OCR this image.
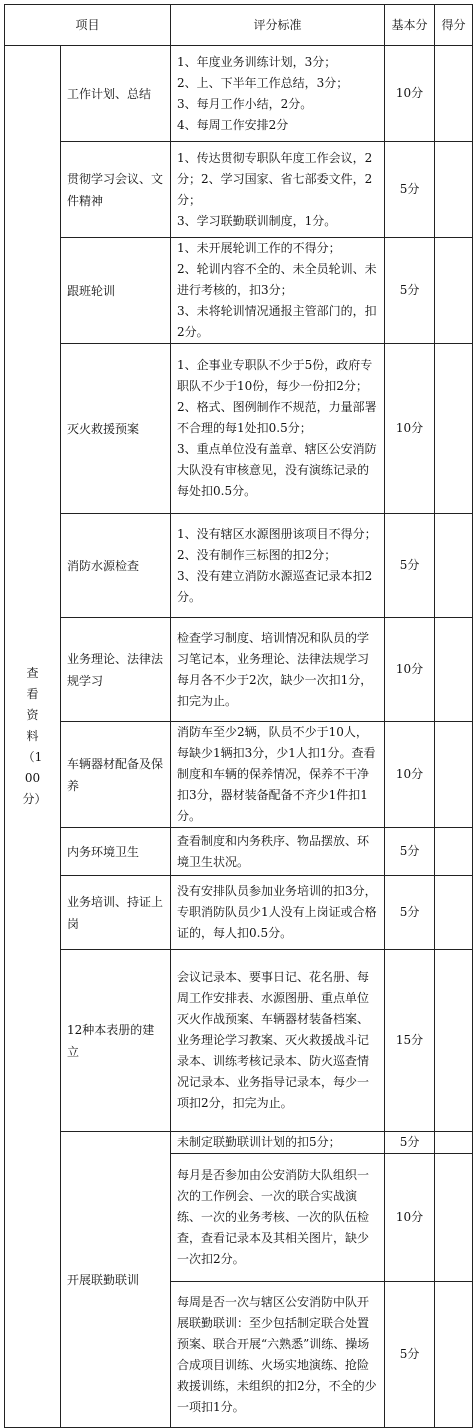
项目		评分标准	基本分	得分
查看资料（100分）	工作计划、总结	1、年度业务训练计划，3分；
2、上、下半年工作总结，3分；
3、每月工作小结，2分。
4、每周工作安排2分	10分	
	贯彻学习会议、文件精神	1、传达贯彻专职队年度工作会议，2分；2、学习国家、省七部委文件，2分；
3、学习联勤联训制度，1分。	5分	
	跟班轮训	1、未开展轮训工作的不得分；
2、轮训内容不全的、未全员轮训、未进行考核的，扣3分；
3、未将轮训情况通报主管部门的，扣2分。	5分	
	灭火救援预案	1、企事业专职队不少于5份，政府专职队不少于10份，每少一份扣2分；
2、格式、图例制作不规范，力量部署不合理的每1处扣0.5分；
3、重点单位没有盖章、辖区公安消防大队没有审核意见，没有演练记录的每处扣0.5分。	10分	
	消防水源检查	1、没有辖区水源图册该项目不得分；
2、没有制作三标图的扣2分；
3、没有建立消防水源巡查记录本扣2分。	5分	
	业务理论、法律法规学习	检查学习制度、培训情况和队员的学习笔记本，业务理论、法律法规学习每月各不少于2次，缺少一次扣1分，扣完为止。	10分	
	车辆器材配备及保养	消防车至少2辆，队员不少于10人，每缺少1辆扣3分，少1人扣1分。查看制度和车辆的保养情况，保养不干净扣3分，器材装备配备不齐少1件扣1分。	10分	
	内务环境卫生	查看制度和内务秩序、物品摆放、环境卫生状况。	5分	
	业务培训、持证上岗	没有安排队员参加业务培训的扣3分，专职消防队员少1人没有上岗证或合格证的，每人扣0.5分。	5分	
	12种本表册的建立	会议记录本、要事日记、花名册、每周工作安排表、水源图册、重点单位灭火作战预案、车辆器材装备档案、业务理论学习教案、灭火救援战斗记录本、训练考核记录本、防火巡查情况记录本、业务指导记录本，每少一项扣2分，扣完为止。	15分	
	开展联勤联训	未制定联勤联训计划的扣5分；	5分	
		每月是否参加由公安消防大队组织一次的工作例会、一次的联合实战演练、一次的业务考核、一次的队伍检查，查看记录本及其相关图片，缺少一次扣2分。	10分	
		每周是否一次与辖区公安消防中队开展联勤联训：至少包括制定联合处置预案、联合开展“六熟悉”训练、操场合成项目训练、火场实地演练、抢险救援训练，未组织的扣2分，不全的少一项扣1分。	5分	
